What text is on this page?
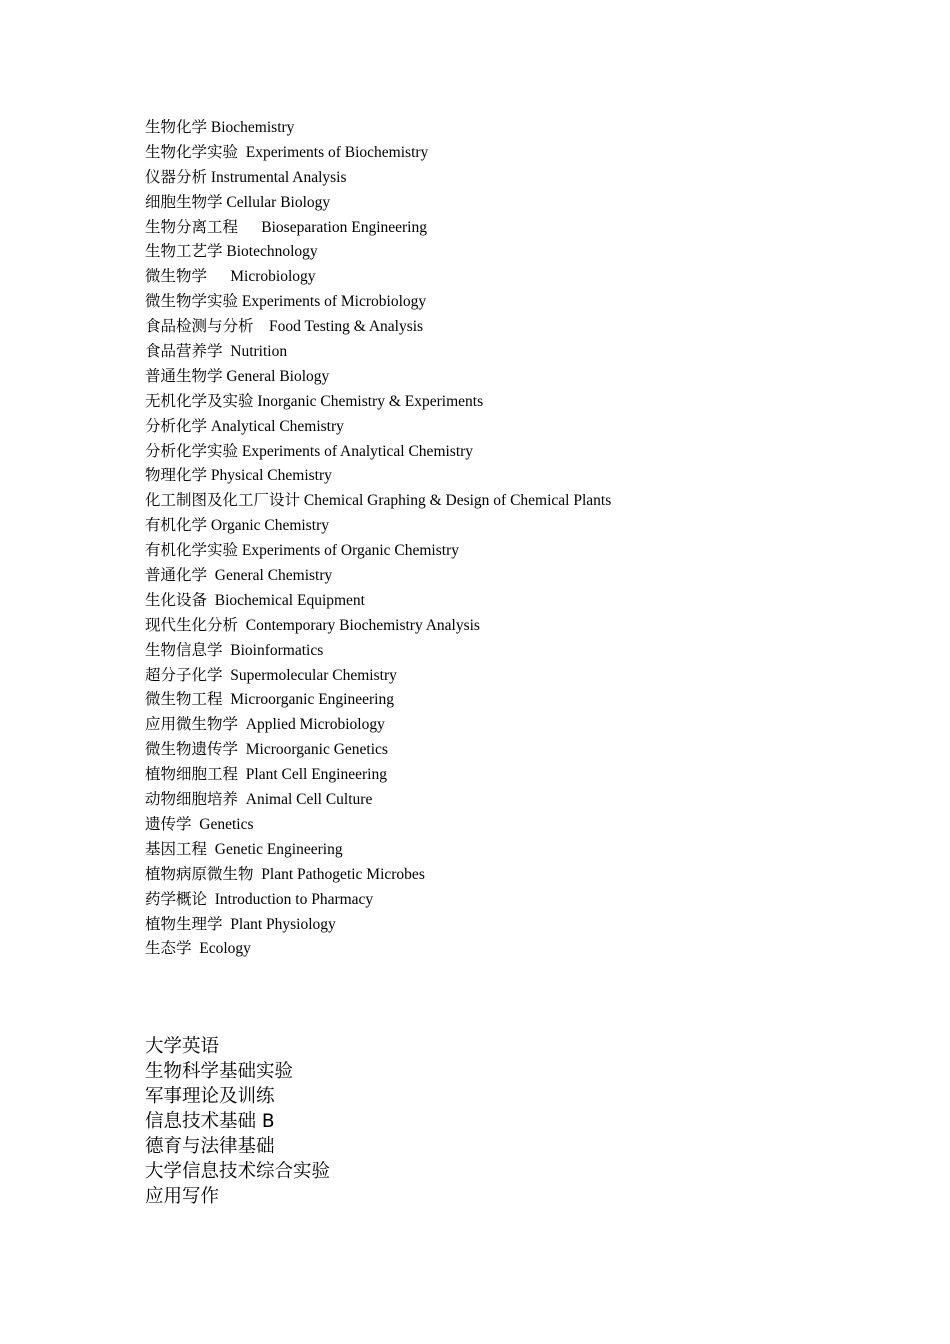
生物化学 Biochemistry
生物化学实验 Experiments of Biochemistry
仪器分析 Instrumental Analysis
细胞生物学 Cellular Biology
生物分离工程 Bioseparation Engineering
生物工艺学 Biotechnology
微生物学 Microbiology
微生物学实验 Experiments of Microbiology
食品检测与分析 Food Testing & Analysis
食品营养学 Nutrition
普通生物学 General Biology
无机化学及实验 Inorganic Chemistry & Experiments
分析化学 Analytical Chemistry
分析化学实验 Experiments of Analytical Chemistry
物理化学 Physical Chemistry
化工制图及化工厂设计 Chemical Graphing & Design of Chemical Plants
有机化学 Organic Chemistry
有机化学实验 Experiments of Organic Chemistry
普通化学 General Chemistry
生化设备 Biochemical Equipment
现代生化分析 Contemporary Biochemistry Analysis
生物信息学 Bioinformatics
超分子化学 Supermolecular Chemistry
微生物工程 Microorganic Engineering
应用微生物学 Applied Microbiology
微生物遗传学 Microorganic Genetics
植物细胞工程 Plant Cell Engineering
动物细胞培养 Animal Cell Culture
遗传学 Genetics
基因工程 Genetic Engineering
植物病原微生物 Plant Pathogetic Microbes
药学概论 Introduction to Pharmacy
植物生理学 Plant Physiology
生态学 Ecology
大学英语
生物科学基础实验
军事理论及训练
信息技术基础 B
德育与法律基础
大学信息技术综合实验
应用写作
